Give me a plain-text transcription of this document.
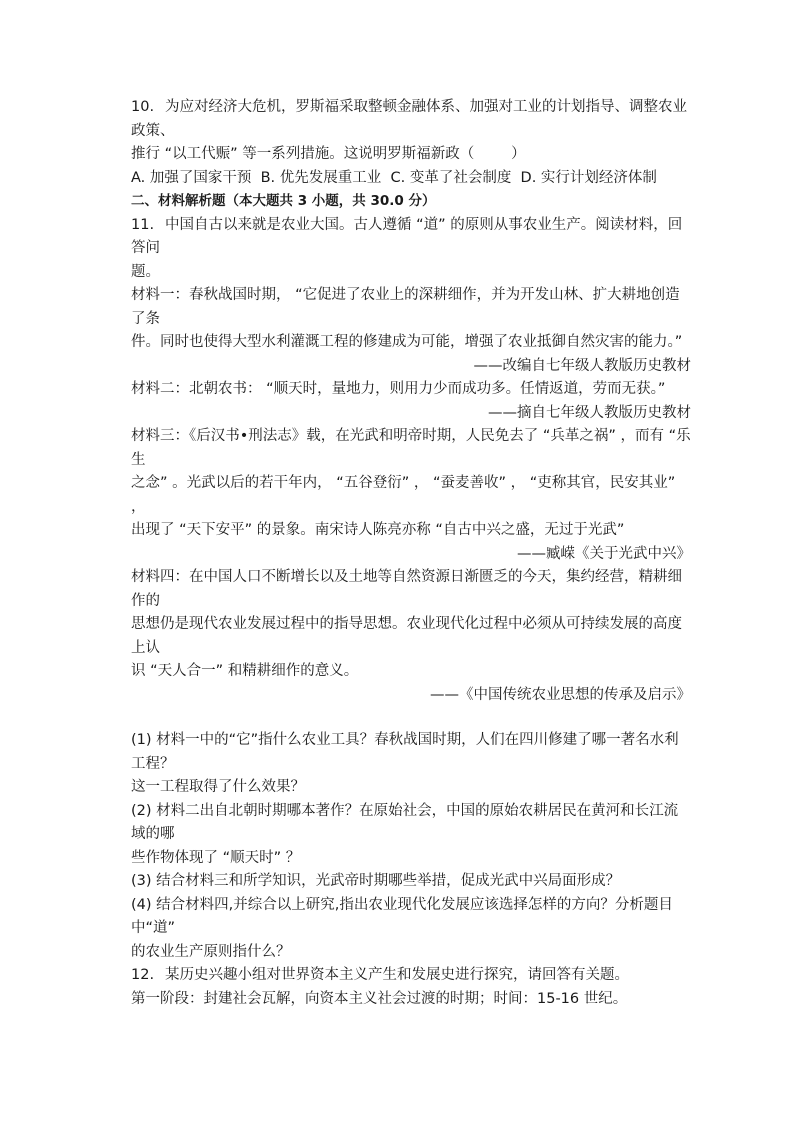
10. 为应对经济大危机，罗斯福采取整顿金融体系、加强对工业的计划指导、调整农业政策、

推行 “以工代赈” 等一系列措施。这说明罗斯福新政（        ）

A. 加强了国家干预  B. 优先发展重工业  C. 变革了社会制度  D. 实行计划经济体制

二、材料解析题（本大题共 3 小题，共 30.0 分）

11. 中国自古以来就是农业大国。古人遵循 “道” 的原则从事农业生产。阅读材料，回答问

题。

材料一：春秋战国时期， “它促进了农业上的深耕细作，并为开发山林、扩大耕地创造了条

件。同时也使得大型水利灌溉工程的修建成为可能，增强了农业抵御自然灾害的能力。”

——改编自七年级人教版历史教材

材料二：北朝农书： “顺天时，量地力，则用力少而成功多。任情返道，劳而无获。”

——摘自七年级人教版历史教材

材料三：《后汉书•刑法志》载，在光武和明帝时期，人民免去了 “兵革之祸” ，而有 “乐生

之念” 。光武以后的若干年内， “五谷登衍” ， “蚕麦善收” ， “吏称其官，民安其业” ，

出现了 “天下安平” 的景象。南宋诗人陈亮亦称 “自古中兴之盛，无过于光武”

——臧嵘《关于光武中兴》

材料四：在中国人口不断增长以及土地等自然资源日渐匮乏的今天，集约经营，精耕细作的

思想仍是现代农业发展过程中的指导思想。农业现代化过程中必须从可持续发展的高度上认

识 “天人合一” 和精耕细作的意义。

——《中国传统农业思想的传承及启示》

(1) 材料一中的“它”指什么农业工具？春秋战国时期，人们在四川修建了哪一著名水利工程？

这一工程取得了什么效果？

(2) 材料二出自北朝时期哪本著作？在原始社会，中国的原始农耕居民在黄河和长江流域的哪

些作物体现了 “顺天时” ？

(3) 结合材料三和所学知识，光武帝时期哪些举措，促成光武中兴局面形成？

(4) 结合材料四,并综合以上研究,指出农业现代化发展应该选择怎样的方向？分析题目中“道”

的农业生产原则指什么？

12. 某历史兴趣小组对世界资本主义产生和发展史进行探究，请回答有关题。

第一阶段：封建社会瓦解，向资本主义社会过渡的时期；时间：15-16 世纪。
